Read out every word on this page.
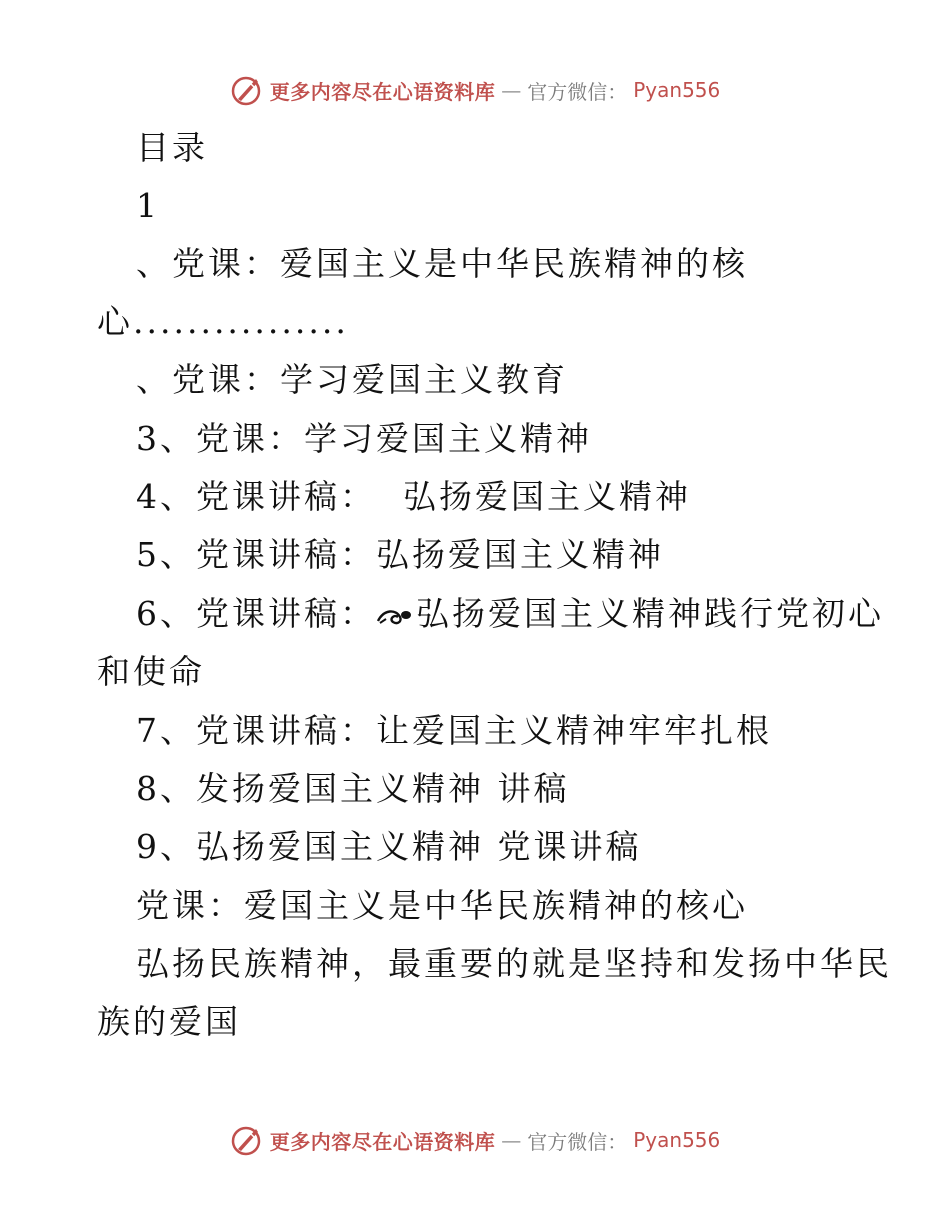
更多内容尽在心语资料库 — 官方微信： Pyan556
目录
1
、党课：爱国主义是中华民族精神的核
心................
、党课：学习爱国主义教育
3、党课：学习爱国主义精神
4、党课讲稿：  弘扬爱国主义精神
5、党课讲稿：弘扬爱国主义精神
6、党课讲稿： 弘扬爱国主义精神践行党初心
和使命
7、党课讲稿：让爱国主义精神牢牢扎根
8、发扬爱国主义精神 讲稿
9、弘扬爱国主义精神 党课讲稿
党课：爱国主义是中华民族精神的核心
弘扬民族精神，最重要的就是坚持和发扬中华民
族的爱国
更多内容尽在心语资料库 — 官方微信： Pyan556
